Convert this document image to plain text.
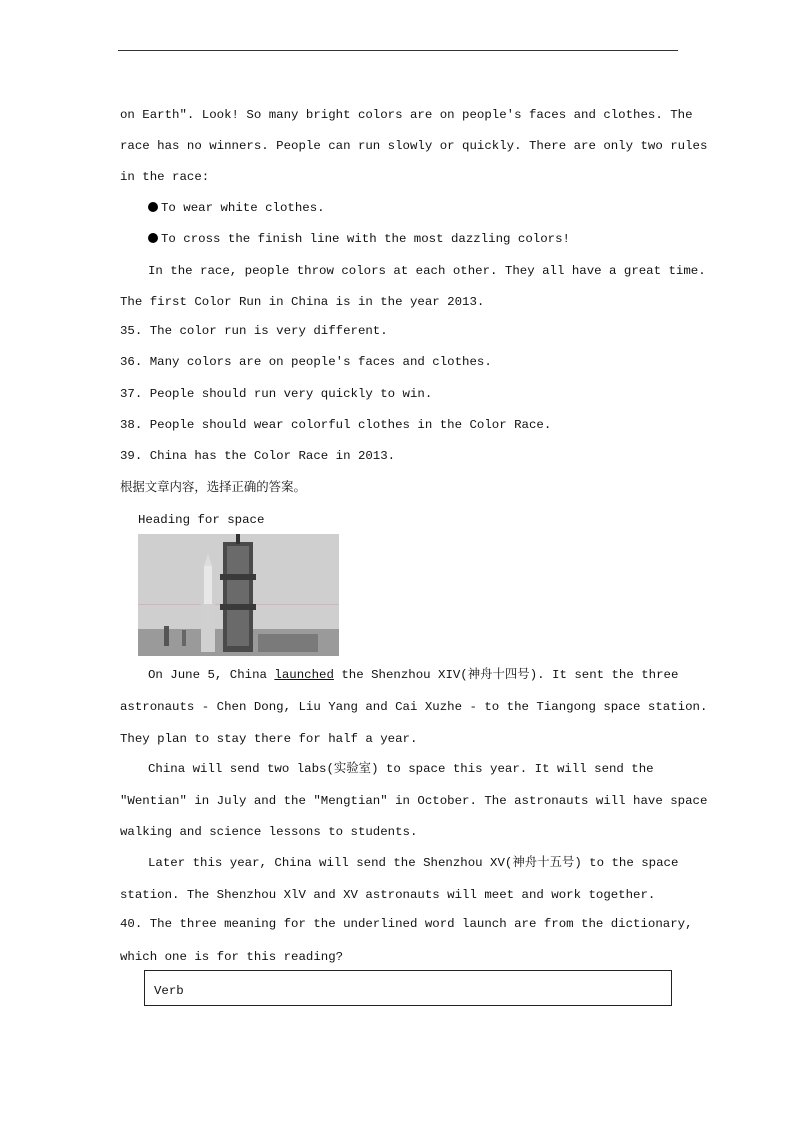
on Earth". Look! So many bright colors are on people's faces and clothes. The
race has no winners. People can run slowly or quickly. There are only two rules
in the race:
To wear white clothes.
To cross the finish line with the most dazzling colors!
In the race, people throw colors at each other. They all have a great time.
The first Color Run in China is in the year 2013.
35. The color run is very different.
36. Many colors are on people's faces and clothes.
37. People should run very quickly to win.
38. People should wear colorful clothes in the Color Race.
39. China has the Color Race in 2013.
根据文章内容，选择正确的答案。
Heading for space
On June 5, China launched the Shenzhou XIV(神舟十四号). It sent the three
astronauts - Chen Dong, Liu Yang and Cai Xuzhe - to the Tiangong space station.
They plan to stay there for half a year.
China will send two labs(实验室) to space this year. It will send the
"Wentian" in July and the "Mengtian" in October. The astronauts will have space
walking and science lessons to students.
Later this year, China will send the Shenzhou XV(神舟十五号) to the space
station. The Shenzhou XlV and XV astronauts will meet and work together.
40. The three meaning for the underlined word launch are from the dictionary,
which one is for this reading?
Verb
